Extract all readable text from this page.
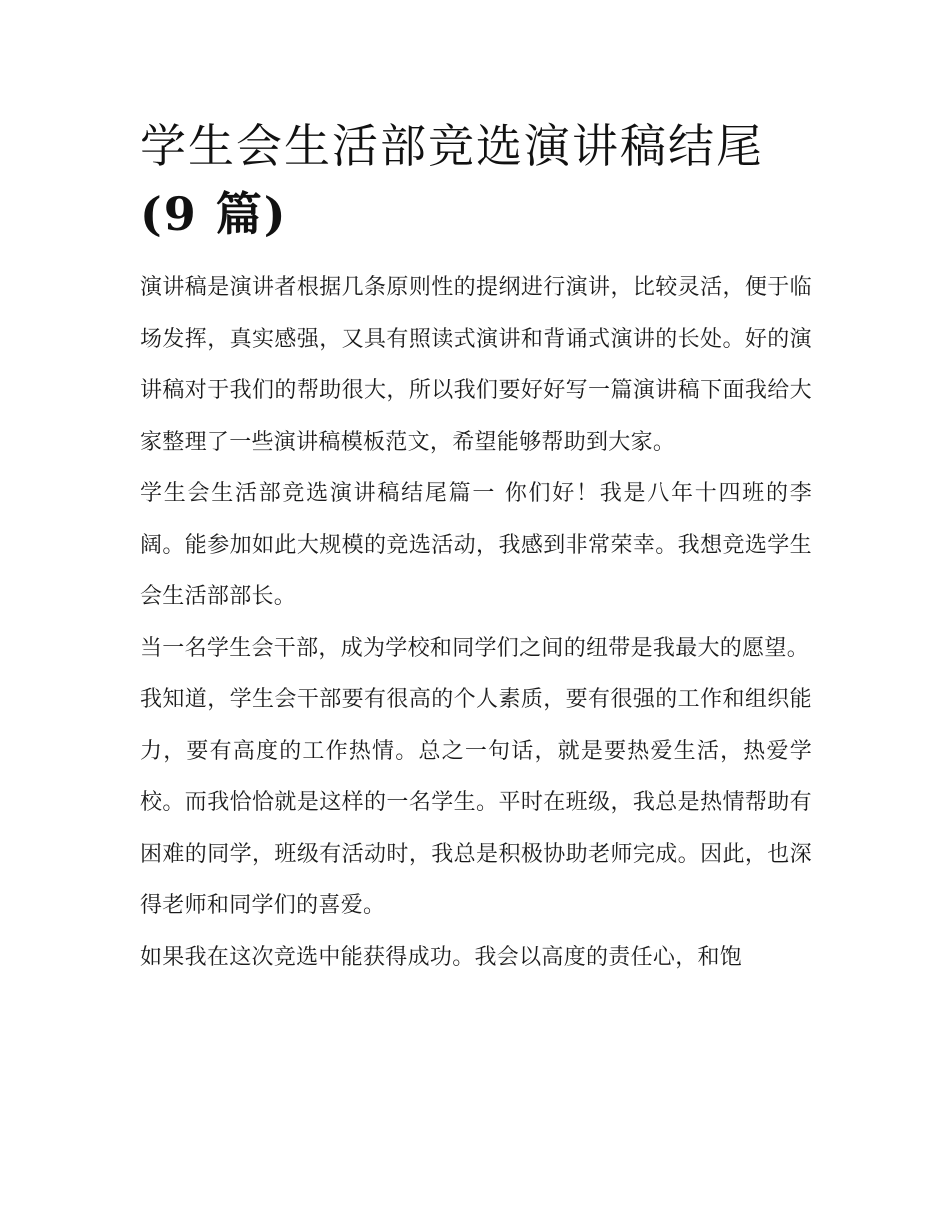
学生会生活部竞选演讲稿结尾
(9 篇)

演讲稿是演讲者根据几条原则性的提纲进行演讲，比较灵活，便于临场发挥，真实感强，又具有照读式演讲和背诵式演讲的长处。好的演讲稿对于我们的帮助很大，所以我们要好好写一篇演讲稿下面我给大家整理了一些演讲稿模板范文，希望能够帮助到大家。

学生会生活部竞选演讲稿结尾篇一 你们好！我是八年十四班的李阔。能参加如此大规模的竞选活动，我感到非常荣幸。我想竞选学生会生活部部长。

当一名学生会干部，成为学校和同学们之间的纽带是我最大的愿望。

我知道，学生会干部要有很高的个人素质，要有很强的工作和组织能力，要有高度的工作热情。总之一句话，就是要热爱生活，热爱学校。而我恰恰就是这样的一名学生。平时在班级，我总是热情帮助有困难的同学，班级有活动时，我总是积极协助老师完成。因此，也深得老师和同学们的喜爱。

如果我在这次竞选中能获得成功。我会以高度的责任心，和饱
